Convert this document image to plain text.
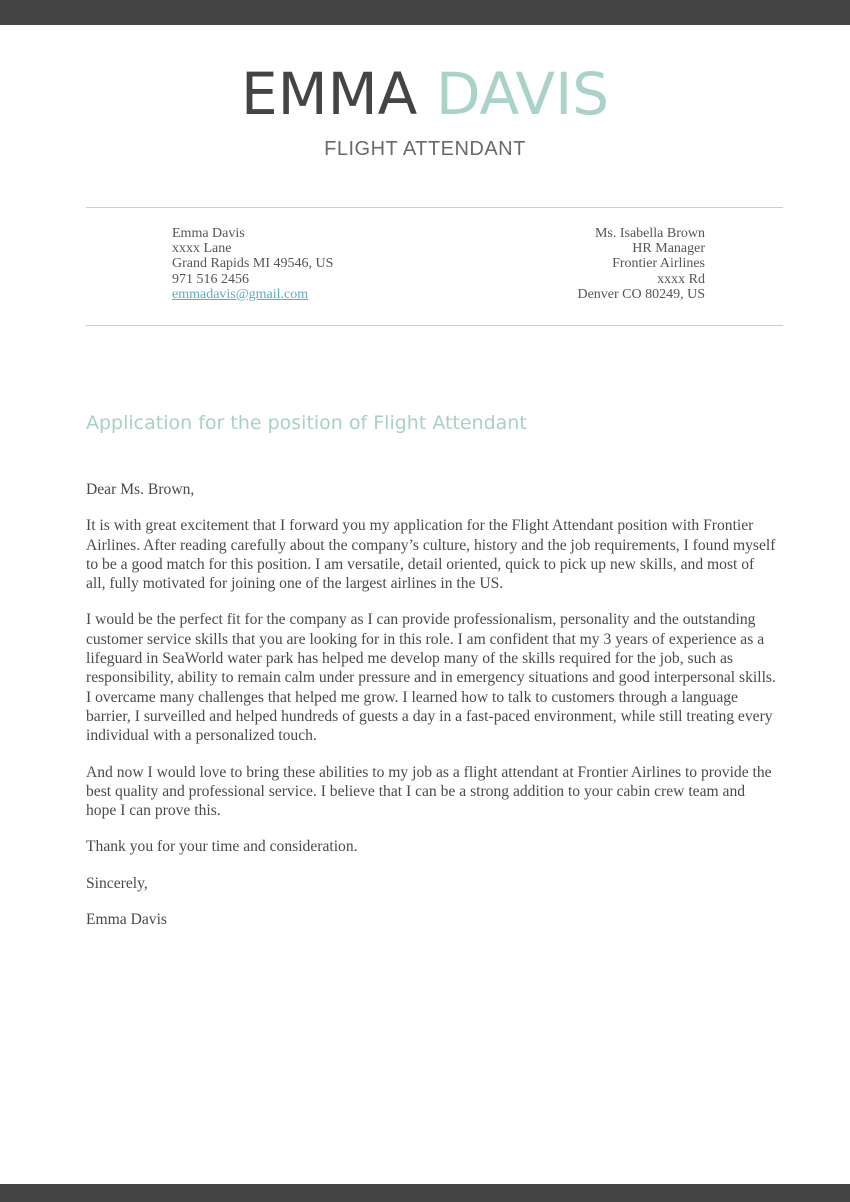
EMMA DAVIS
FLIGHT ATTENDANT
Emma Davis
xxxx Lane
Grand Rapids MI 49546, US
971 516 2456
emmadavis@gmail.com
Ms. Isabella Brown
HR Manager
Frontier Airlines
xxxx Rd
Denver CO 80249, US
Application for the position of Flight Attendant

Dear Ms. Brown,

It is with great excitement that I forward you my application for the Flight Attendant position with Frontier Airlines. After reading carefully about the company’s culture, history and the job requirements, I found myself to be a good match for this position. I am versatile, detail oriented, quick to pick up new skills, and most of all, fully motivated for joining one of the largest airlines in the US.

I would be the perfect fit for the company as I can provide professionalism, personality and the outstanding customer service skills that you are looking for in this role. I am confident that my 3 years of experience as a lifeguard in SeaWorld water park has helped me develop many of the skills required for the job, such as responsibility, ability to remain calm under pressure and in emergency situations and good interpersonal skills. I overcame many challenges that helped me grow. I learned how to talk to customers through a language barrier, I surveilled and helped hundreds of guests a day in a fast-paced environment, while still treating every individual with a personalized touch.

And now I would love to bring these abilities to my job as a flight attendant at Frontier Airlines to provide the best quality and professional service. I believe that I can be a strong addition to your cabin crew team and hope I can prove this.

Thank you for your time and consideration.

Sincerely,

Emma Davis
